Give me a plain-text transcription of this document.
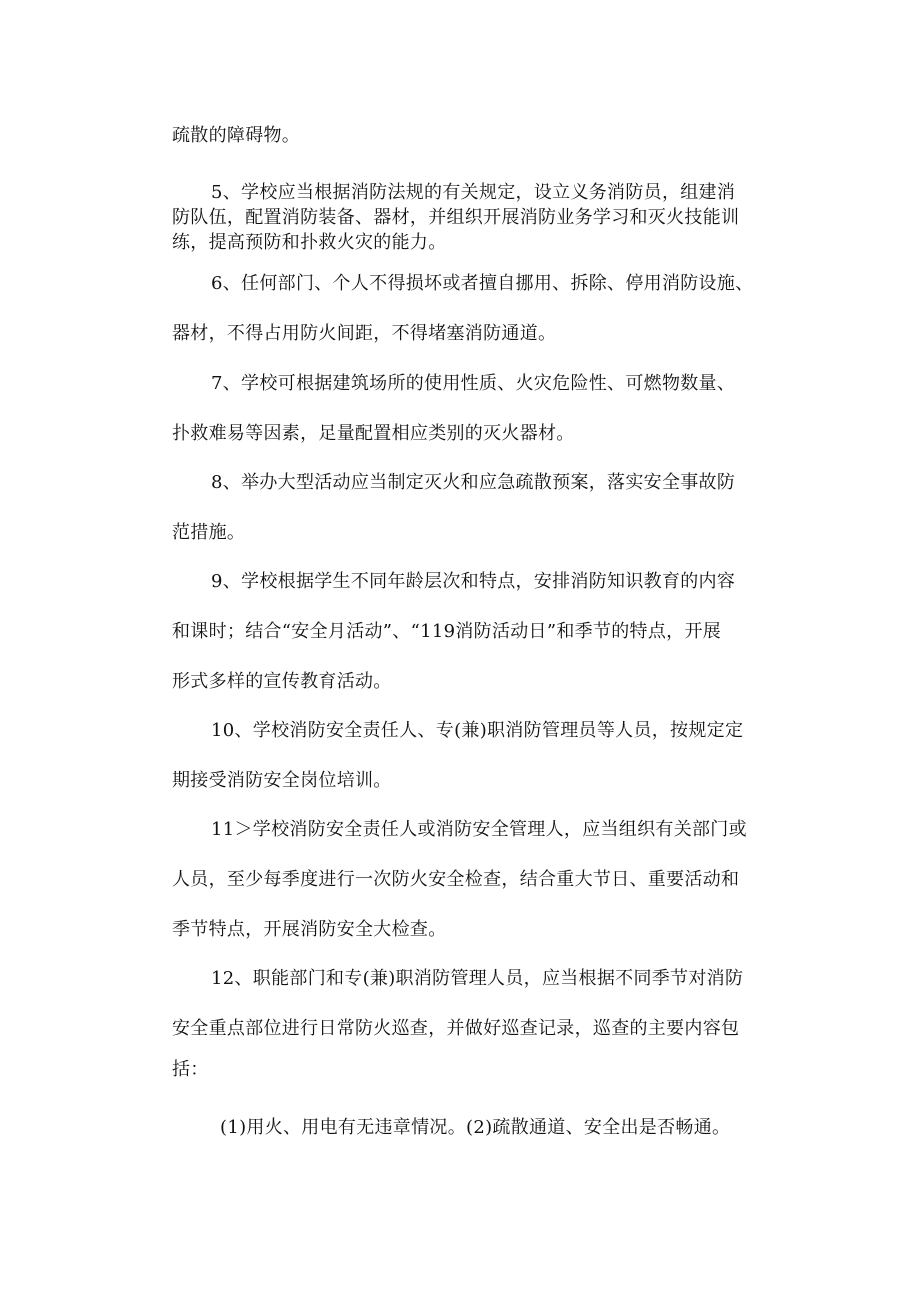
疏散的障碍物。
5、学校应当根据消防法规的有关规定，设立义务消防员，组建消
防队伍，配置消防装备、器材，并组织开展消防业务学习和灭火技能训
练，提高预防和扑救火灾的能力。
6、任何部门、个人不得损坏或者擅自挪用、拆除、停用消防设施、
器材，不得占用防火间距，不得堵塞消防通道。
7、学校可根据建筑场所的使用性质、火灾危险性、可燃物数量、
扑救难易等因素，足量配置相应类别的灭火器材。
8、举办大型活动应当制定灭火和应急疏散预案，落实安全事故防
范措施。
9、学校根据学生不同年龄层次和特点，安排消防知识教育的内容
和课时；结合“安全月活动”、“119消防活动日”和季节的特点，开展
形式多样的宣传教育活动。
10、学校消防安全责任人、专(兼)职消防管理员等人员，按规定定
期接受消防安全岗位培训。
11＞学校消防安全责任人或消防安全管理人，应当组织有关部门或
人员，至少每季度进行一次防火安全检查，结合重大节日、重要活动和
季节特点，开展消防安全大检查。
12、职能部门和专(兼)职消防管理人员，应当根据不同季节对消防
安全重点部位进行日常防火巡查，并做好巡查记录，巡查的主要内容包
括：
(1)用火、用电有无违章情况。(2)疏散通道、安全出是否畅通。
